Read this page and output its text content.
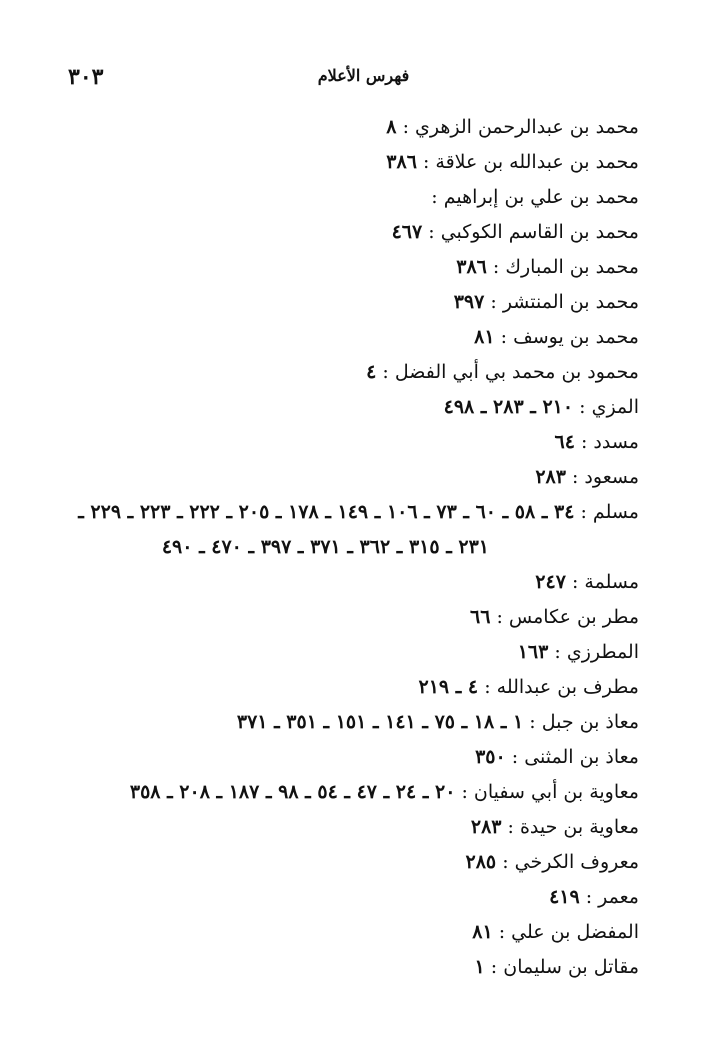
٣٠٣	فهرس الأعلام
محمد بن عبدالرحمن الزهري : ٨
محمد بن عبدالله بن علاقة : ٣٨٦
محمد بن علي بن إبراهيم :
محمد بن القاسم الكوكبي : ٤٦٧
محمد بن المبارك : ٣٨٦
محمد بن المنتشر : ٣٩٧
محمد بن يوسف : ٨١
محمود بن محمد بي أبي الفضل : ٤
المزي : ٢١٠ ـ ٢٨٣ ـ ٤٩٨
مسدد : ٦٤
مسعود : ٢٨٣
مسلم : ٣٤ ـ ٥٨ ـ ٦٠ ـ ٧٣ ـ ١٠٦ ـ ١٤٩ ـ ١٧٨ ـ ٢٠٥ ـ ٢٢٢ ـ ٢٢٣ ـ ٢٢٩ ـ
٢٣١ ـ ٣١٥ ـ ٣٦٢ ـ ٣٧١ ـ ٣٩٧ ـ ٤٧٠ ـ ٤٩٠
مسلمة : ٢٤٧
مطر بن عكامس : ٦٦
المطرزي : ١٦٣
مطرف بن عبدالله : ٤ ـ ٢١٩
معاذ بن جبل : ١ ـ ١٨ ـ ٧٥ ـ ١٤١ ـ ١٥١ ـ ٣٥١ ـ ٣٧١
معاذ بن المثنى : ٣٥٠
معاوية بن أبي سفيان : ٢٠ ـ ٢٤ ـ ٤٧ ـ ٥٤ ـ ٩٨ ـ ١٨٧ ـ ٢٠٨ ـ ٣٥٨
معاوية بن حيدة : ٢٨٣
معروف الكرخي : ٢٨٥
معمر : ٤١٩
المفضل بن علي : ٨١
مقاتل بن سليمان : ١
